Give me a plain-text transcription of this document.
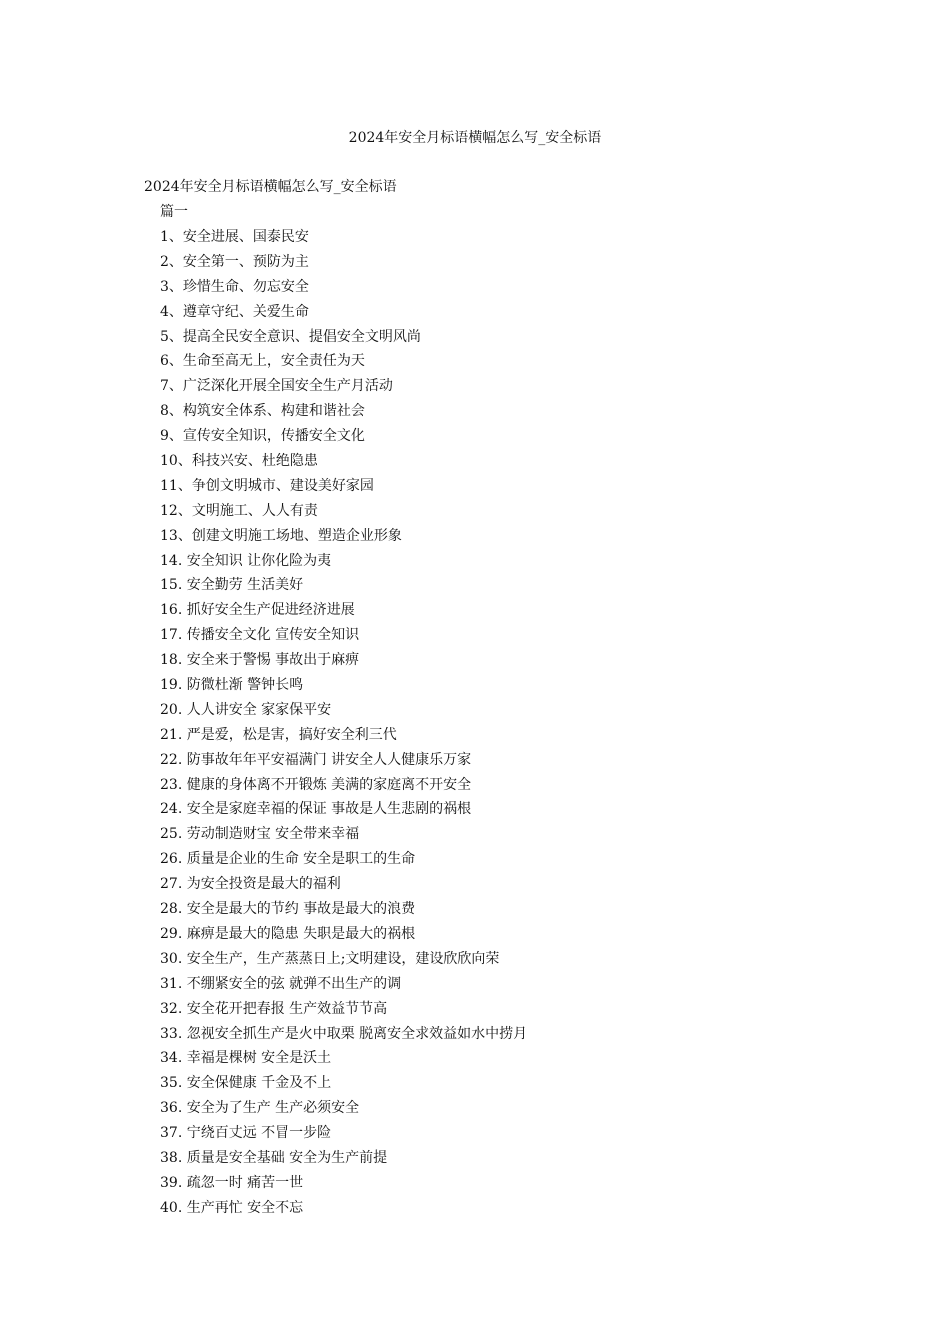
2024年安全月标语横幅怎么写_安全标语
2024年安全月标语横幅怎么写_安全标语
篇一
1、安全进展、国泰民安
2、安全第一、预防为主
3、珍惜生命、勿忘安全
4、遵章守纪、关爱生命
5、提高全民安全意识、提倡安全文明风尚
6、生命至高无上，安全责任为天
7、广泛深化开展全国安全生产月活动
8、构筑安全体系、构建和谐社会
9、宣传安全知识，传播安全文化
10、科技兴安、杜绝隐患
11、争创文明城市、建设美好家园
12、文明施工、人人有责
13、创建文明施工场地、塑造企业形象
14. 安全知识 让你化险为夷
15. 安全勤劳 生活美好
16. 抓好安全生产促进经济进展
17. 传播安全文化 宣传安全知识
18. 安全来于警惕 事故出于麻痹
19. 防微杜渐 警钟长鸣
20. 人人讲安全 家家保平安
21. 严是爱，松是害，搞好安全利三代
22. 防事故年年平安福满门 讲安全人人健康乐万家
23. 健康的身体离不开锻炼 美满的家庭离不开安全
24. 安全是家庭幸福的保证 事故是人生悲剧的祸根
25. 劳动制造财宝 安全带来幸福
26. 质量是企业的生命 安全是职工的生命
27. 为安全投资是最大的福利
28. 安全是最大的节约 事故是最大的浪费
29. 麻痹是最大的隐患 失职是最大的祸根
30. 安全生产，生产蒸蒸日上;文明建设，建设欣欣向荣
31. 不绷紧安全的弦 就弹不出生产的调
32. 安全花开把春报 生产效益节节高
33. 忽视安全抓生产是火中取栗 脱离安全求效益如水中捞月
34. 幸福是棵树 安全是沃土
35. 安全保健康 千金及不上
36. 安全为了生产 生产必须安全
37. 宁绕百丈远 不冒一步险
38. 质量是安全基础 安全为生产前提
39. 疏忽一时 痛苦一世
40. 生产再忙 安全不忘
